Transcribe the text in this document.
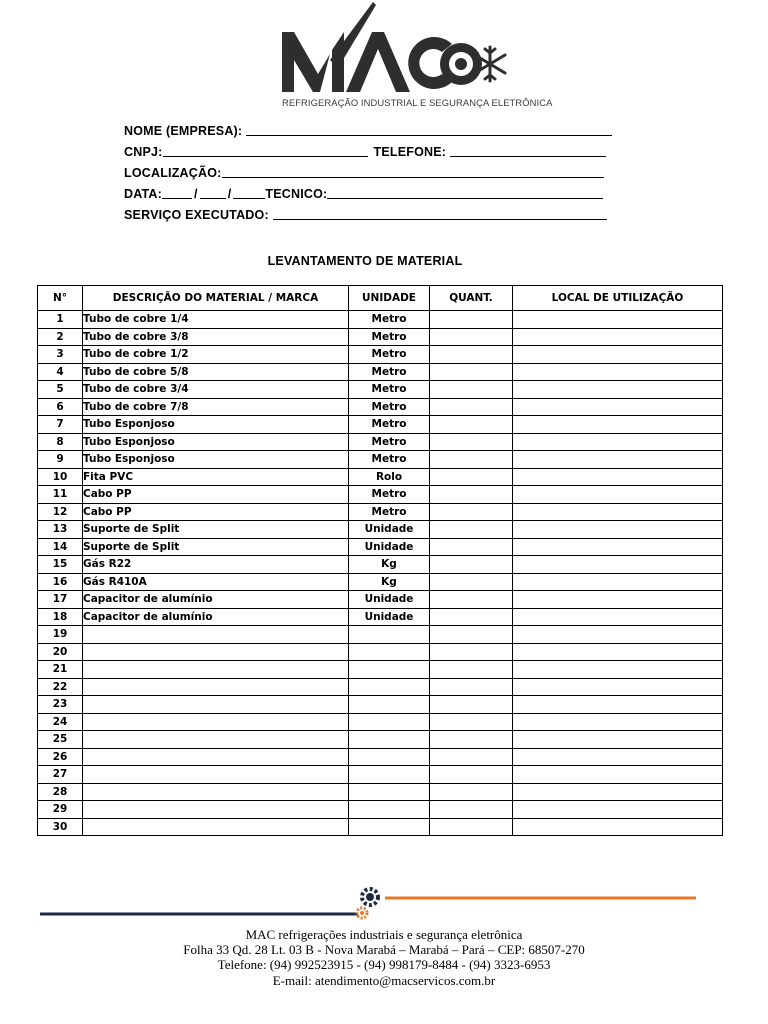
REFRIGERAÇÃO INDUSTRIAL E SEGURANÇA ELETRÔNICA
NOME (EMPRESA):
CNPJ:	TELEFONE:
LOCALIZAÇÃO:
DATA:	/ /	TECNICO:
SERVIÇO EXECUTADO:
LEVANTAMENTO DE MATERIAL
N°	DESCRIÇÃO DO MATERIAL / MARCA	UNIDADE	QUANT.	LOCAL DE UTILIZAÇÃO
1	Tubo de cobre 1/4	Metro		
2	Tubo de cobre 3/8	Metro		
3	Tubo de cobre 1/2	Metro		
4	Tubo de cobre 5/8	Metro		
5	Tubo de cobre 3/4	Metro		
6	Tubo de cobre 7/8	Metro		
7	Tubo Esponjoso	Metro		
8	Tubo Esponjoso	Metro		
9	Tubo Esponjoso	Metro		
10	Fita PVC	Rolo		
11	Cabo PP	Metro		
12	Cabo PP	Metro		
13	Suporte de Split	Unidade		
14	Suporte de Split	Unidade		
15	Gás R22	Kg		
16	Gás R410A	Kg		
17	Capacitor de alumínio	Unidade		
18	Capacitor de alumínio	Unidade		
19				
20				
21				
22				
23				
24				
25				
26				
27				
28				
29				
30				
MAC refrigerações industriais e segurança eletrônica
Folha 33 Qd. 28 Lt. 03 B - Nova Marabá – Marabá – Pará – CEP: 68507-270
Telefone: (94) 992523915 - (94) 998179-8484 - (94) 3323-6953
E-mail: atendimento@macservicos.com.br
